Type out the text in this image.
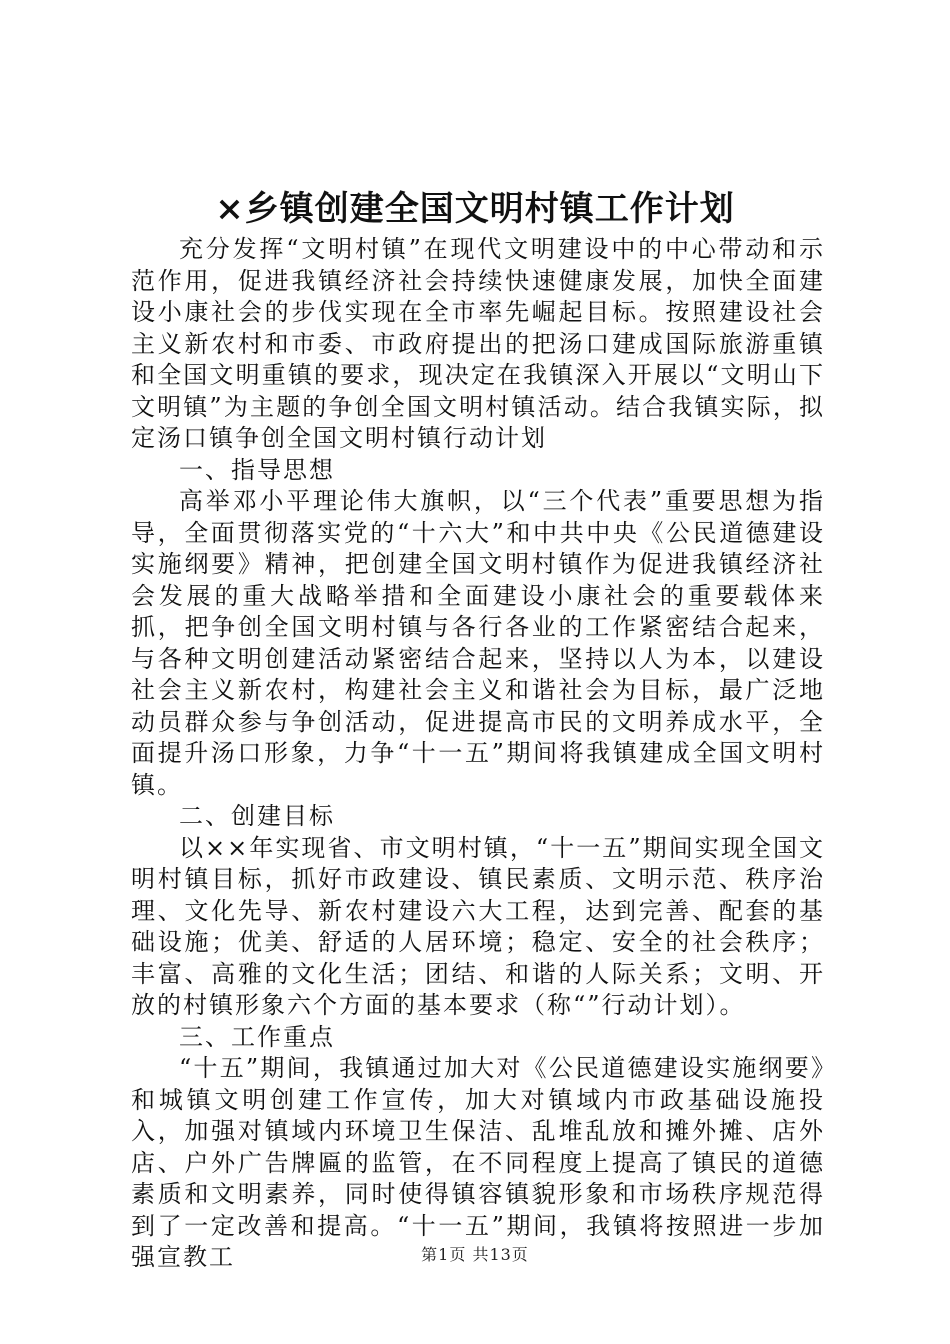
×乡镇创建全国文明村镇工作计划

充分发挥“文明村镇”在现代文明建设中的中心带动和示范作用，促进我镇经济社会持续快速健康发展，加快全面建设小康社会的步伐实现在全市率先崛起目标。按照建设社会主义新农村和市委、市政府提出的把汤口建成国际旅游重镇和全国文明重镇的要求，现决定在我镇深入开展以“文明山下文明镇”为主题的争创全国文明村镇活动。结合我镇实际，拟定汤口镇争创全国文明村镇行动计划

一、指导思想

高举邓小平理论伟大旗帜，以“三个代表”重要思想为指导，全面贯彻落实党的“十六大”和中共中央《公民道德建设实施纲要》精神，把创建全国文明村镇作为促进我镇经济社会发展的重大战略举措和全面建设小康社会的重要载体来抓，把争创全国文明村镇与各行各业的工作紧密结合起来，与各种文明创建活动紧密结合起来，坚持以人为本，以建设社会主义新农村，构建社会主义和谐社会为目标，最广泛地动员群众参与争创活动，促进提高市民的文明养成水平，全面提升汤口形象，力争“十一五”期间将我镇建成全国文明村镇。

二、创建目标

以××年实现省、市文明村镇，“十一五”期间实现全国文明村镇目标，抓好市政建设、镇民素质、文明示范、秩序治理、文化先导、新农村建设六大工程，达到完善、配套的基础设施；优美、舒适的人居环境；稳定、安全的社会秩序；丰富、高雅的文化生活；团结、和谐的人际关系；文明、开放的村镇形象六个方面的基本要求（称“”行动计划）。

三、工作重点

“十五”期间，我镇通过加大对《公民道德建设实施纲要》和城镇文明创建工作宣传，加大对镇域内市政基础设施投入，加强对镇域内环境卫生保洁、乱堆乱放和摊外摊、店外店、户外广告牌匾的监管，在不同程度上提高了镇民的道德素质和文明素养，同时使得镇容镇貌形象和市场秩序规范得到了一定改善和提高。“十一五”期间，我镇将按照进一步加强宣教工	第1页 共13页
